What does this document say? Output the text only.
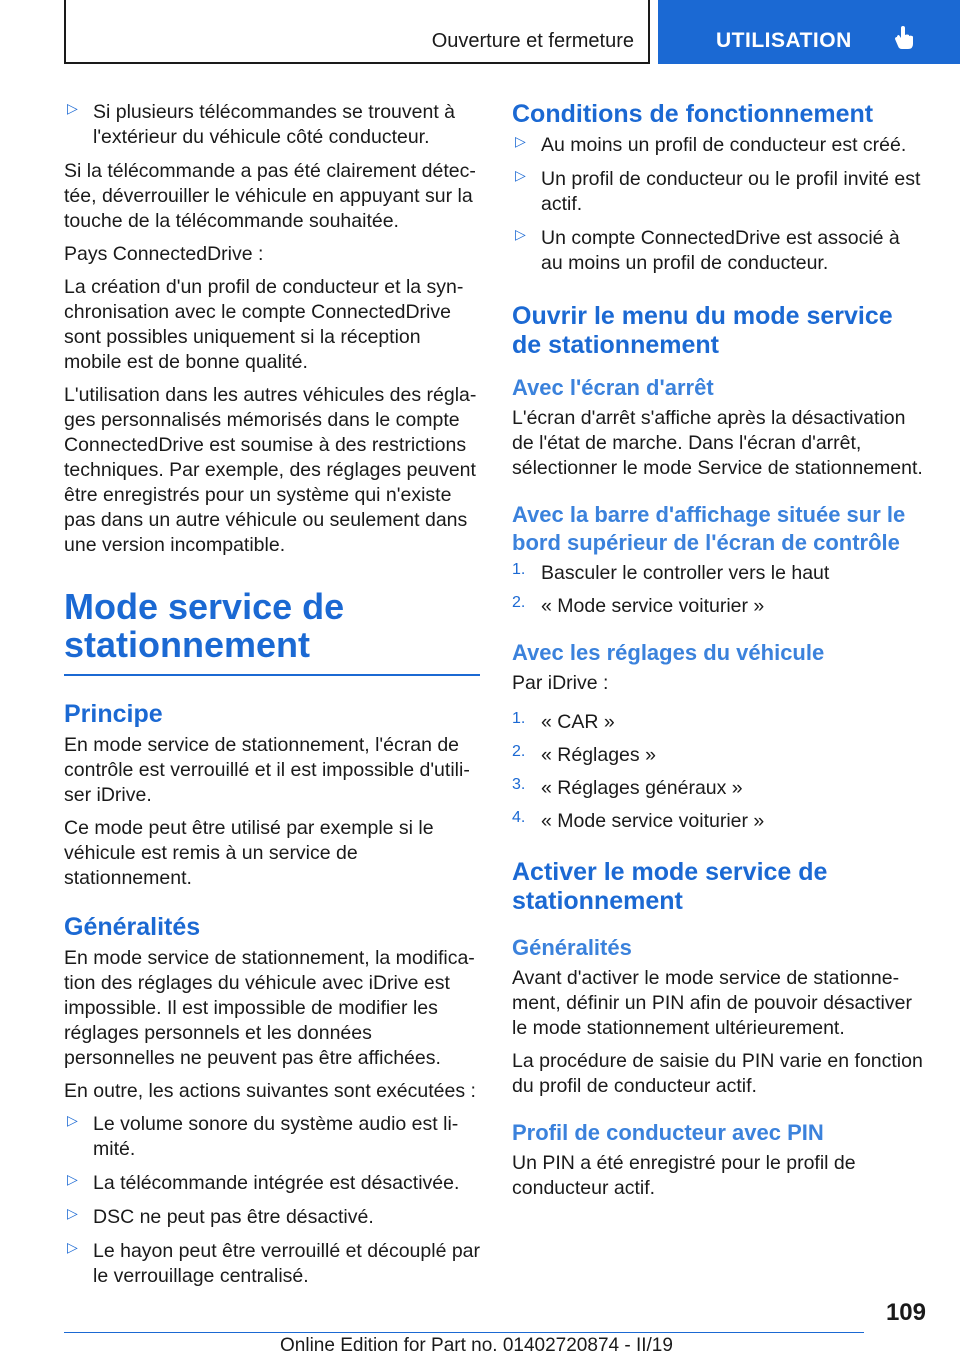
Ouverture et fermeture	UTILISATION
▷ Si plusieurs télécommandes se trouvent à l'extérieur du véhicule côté conducteur.

Si la télécommande a pas été clairement détectée, déverrouiller le véhicule en appuyant sur la touche de la télécommande souhaitée.

Pays ConnectedDrive :

La création d'un profil de conducteur et la synchronisation avec le compte ConnectedDrive sont possibles uniquement si la réception mobile est de bonne qualité.

L'utilisation dans les autres véhicules des réglages personnalisés mémorisés dans le compte ConnectedDrive est soumise à des restrictions techniques. Par exemple, des réglages peuvent être enregistrés pour un système qui n'existe pas dans un autre véhicule ou seulement dans une version incompatible.

Mode service de stationnement
Principe

En mode service de stationnement, l'écran de contrôle est verrouillé et il est impossible d'utiliser iDrive.

Ce mode peut être utilisé par exemple si le véhicule est remis à un service de stationnement.

Généralités

En mode service de stationnement, la modification des réglages du véhicule avec iDrive est impossible. Il est impossible de modifier les réglages personnels et les données personnelles ne peuvent pas être affichées.

En outre, les actions suivantes sont exécutées :

▷ Le volume sonore du système audio est limité.

▷ La télécommande intégrée est désactivée.

▷ DSC ne peut pas être désactivé.

▷ Le hayon peut être verrouillé et découplé par le verrouillage centralisé.

Conditions de fonctionnement
▷ Au moins un profil de conducteur est créé.

▷ Un profil de conducteur ou le profil invité est actif.

▷ Un compte ConnectedDrive est associé à au moins un profil de conducteur.

Ouvrir le menu du mode service de stationnement
Avec l'écran d'arrêt

L'écran d'arrêt s'affiche après la désactivation de l'état de marche. Dans l'écran d'arrêt, sélectionner le mode Service de stationnement.

Avec la barre d'affichage située sur le bord supérieur de l'écran de contrôle
1. Basculer le controller vers le haut

2. « Mode service voiturier »

Avec les réglages du véhicule

Par iDrive :

1. « CAR »

2. « Réglages »

3. « Réglages généraux »

4. « Mode service voiturier »

Activer le mode service de stationnement
Généralités

Avant d'activer le mode service de stationnement, définir un PIN afin de pouvoir désactiver le mode stationnement ultérieurement.

La procédure de saisie du PIN varie en fonction du profil de conducteur actif.

Profil de conducteur avec PIN

Un PIN a été enregistré pour le profil de conducteur actif.

109
Online Edition for Part no. 01402720874 - II/19
